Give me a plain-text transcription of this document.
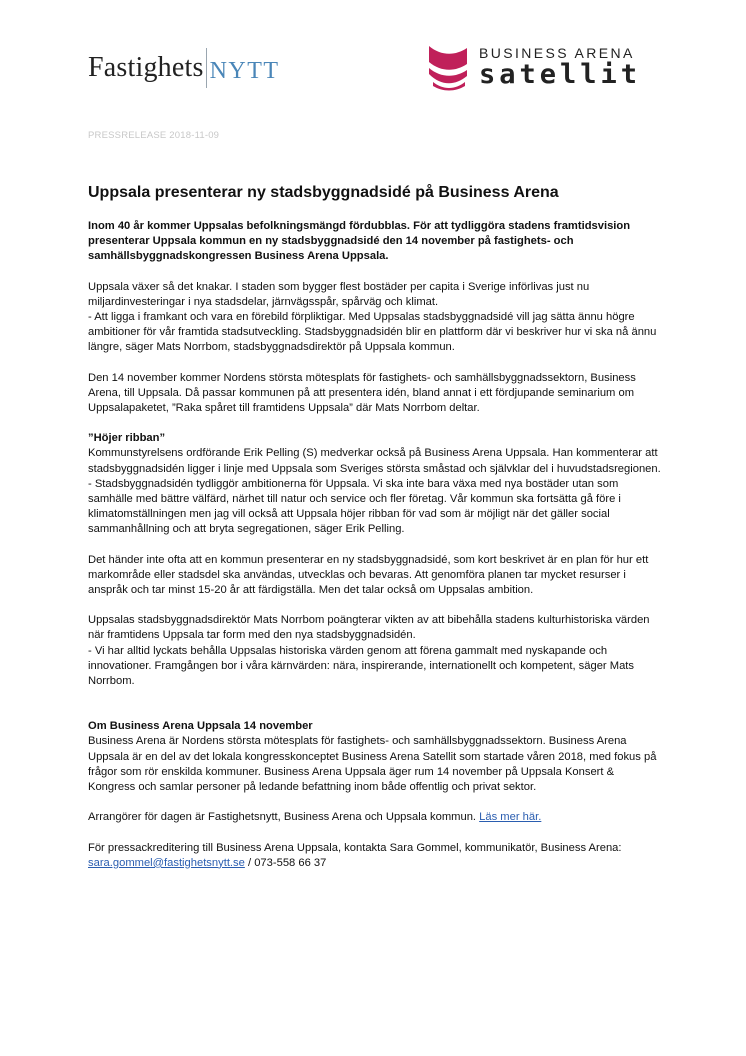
Fastighets NYTT
BUSINESS ARENA
satellit
PRESSRELEASE 2018-11-09
Uppsala presenterar ny stadsbyggnadsidé på Business Arena

Inom 40 år kommer Uppsalas befolkningsmängd fördubblas. För att tydliggöra stadens framtidsvision presenterar Uppsala kommun en ny stadsbyggnadsidé den 14 november på fastighets- och samhällsbyggnadskongressen Business Arena Uppsala.

Uppsala växer så det knakar. I staden som bygger flest bostäder per capita i Sverige införlivas just nu miljardinvesteringar i nya stadsdelar, järnvägsspår, spårväg och klimat.
- Att ligga i framkant och vara en förebild förpliktigar. Med Uppsalas stadsbyggnadsidé vill jag sätta ännu högre ambitioner för vår framtida stadsutveckling. Stadsbyggnadsidén blir en plattform där vi beskriver hur vi ska nå ännu längre, säger Mats Norrbom, stadsbyggnadsdirektör på Uppsala kommun.

Den 14 november kommer Nordens största mötesplats för fastighets- och samhällsbyggnadssektorn, Business Arena, till Uppsala. Då passar kommunen på att presentera idén, bland annat i ett fördjupande seminarium om Uppsalapaketet, ”Raka spåret till framtidens Uppsala” där Mats Norrbom deltar.

”Höjer ribban”
Kommunstyrelsens ordförande Erik Pelling (S) medverkar också på Business Arena Uppsala. Han kommenterar att stadsbyggnadsidén ligger i linje med Uppsala som Sveriges största småstad och självklar del i huvudstadsregionen.
- Stadsbyggnadsidén tydliggör ambitionerna för Uppsala. Vi ska inte bara växa med nya bostäder utan som samhälle med bättre välfärd, närhet till natur och service och fler företag. Vår kommun ska fortsätta gå före i klimatomställningen men jag vill också att Uppsala höjer ribban för vad som är möjligt när det gäller social sammanhållning och att bryta segregationen, säger Erik Pelling.

Det händer inte ofta att en kommun presenterar en ny stadsbyggnadsidé, som kort beskrivet är en plan för hur ett markområde eller stadsdel ska användas, utvecklas och bevaras. Att genomföra planen tar mycket resurser i anspråk och tar minst 15-20 år att färdigställa. Men det talar också om Uppsalas ambition.

Uppsalas stadsbyggnadsdirektör Mats Norrbom poängterar vikten av att bibehålla stadens kulturhistoriska värden när framtidens Uppsala tar form med den nya stadsbyggnadsidén.
- Vi har alltid lyckats behålla Uppsalas historiska värden genom att förena gammalt med nyskapande och innovationer. Framgången bor i våra kärnvärden: nära, inspirerande, internationellt och kompetent, säger Mats Norrbom.

Om Business Arena Uppsala 14 november
Business Arena är Nordens största mötesplats för fastighets- och samhällsbyggnadssektorn. Business Arena Uppsala är en del av det lokala kongresskonceptet Business Arena Satellit som startade våren 2018, med fokus på frågor som rör enskilda kommuner. Business Arena Uppsala äger rum 14 november på Uppsala Konsert & Kongress och samlar personer på ledande befattning inom både offentlig och privat sektor.

Arrangörer för dagen är Fastighetsnytt, Business Arena och Uppsala kommun. Läs mer här.

För pressackreditering till Business Arena Uppsala, kontakta Sara Gommel, kommunikatör, Business Arena: sara.gommel@fastighetsnytt.se / 073-558 66 37
